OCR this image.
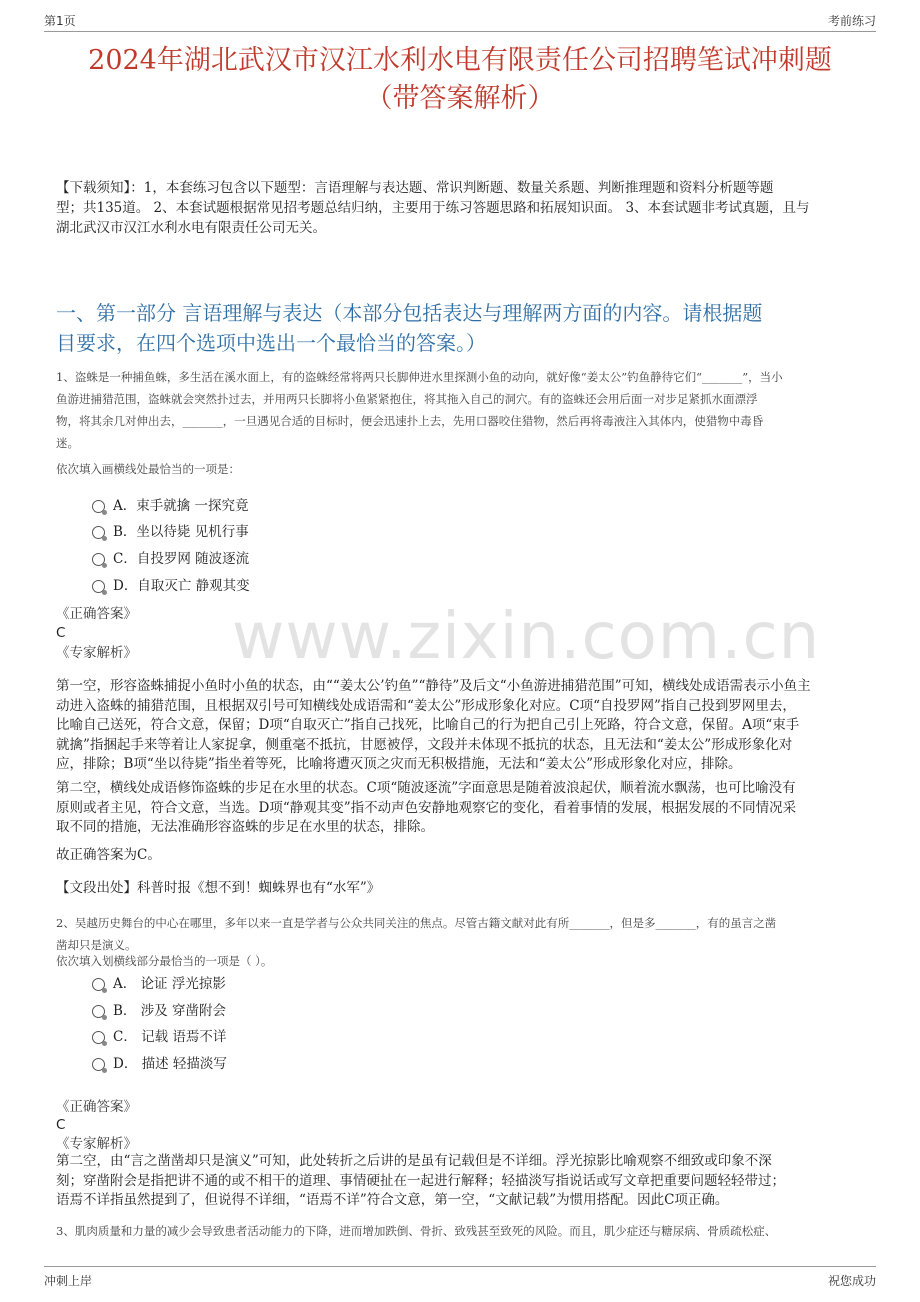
第1页	考前练习
2024年湖北武汉市汉江水利水电有限责任公司招聘笔试冲刺题
（带答案解析）
【下载须知】：1，本套练习包含以下题型：言语理解与表达题、常识判断题、数量关系题、判断推理题和资料分析题等题
型；共135道。 2、本套试题根据常见招考题总结归纳，主要用于练习答题思路和拓展知识面。 3、本套试题非考试真题，且与
湖北武汉市汉江水利水电有限责任公司无关。
一、第一部分 言语理解与表达（本部分包括表达与理解两方面的内容。请根据题
目要求，在四个选项中选出一个最恰当的答案。）
www.zixin.com.cn
1、盗蛛是一种捕鱼蛛，多生活在溪水面上，有的盗蛛经常将两只长脚伸进水里探测小鱼的动向，就好像“姜太公”钓鱼静待它们“_______”，当小
鱼游进捕猎范围，盗蛛就会突然扑过去，并用两只长脚将小鱼紧紧抱住，将其拖入自己的洞穴。有的盗蛛还会用后面一对步足紧抓水面漂浮
物，将其余几对伸出去，_______，一旦遇见合适的目标时，便会迅速扑上去，先用口器咬住猎物，然后再将毒液注入其体内，使猎物中毒昏
迷。
依次填入画横线处最恰当的一项是：
A．束手就擒 一探究竟
B．坐以待毙 见机行事
C．自投罗网 随波逐流
D．自取灭亡 静观其变
《正确答案》
C
《专家解析》
第一空，形容盗蛛捕捉小鱼时小鱼的状态，由““姜太公’钓鱼”“静待”及后文“小鱼游进捕猎范围”可知，横线处成语需表示小鱼主
动进入盗蛛的捕猎范围，且根据双引号可知横线处成语需和“姜太公”形成形象化对应。C项“自投罗网”指自己投到罗网里去，
比喻自己送死，符合文意，保留；D项“自取灭亡”指自己找死，比喻自己的行为把自己引上死路，符合文意，保留。A项“束手
就擒”指捆起手来等着让人家捉拿，侧重毫不抵抗，甘愿被俘，文段并未体现不抵抗的状态，且无法和“姜太公”形成形象化对
应，排除；B项“坐以待毙”指坐着等死，比喻将遭灭顶之灾而无积极措施，无法和“姜太公”形成形象化对应，排除。
第二空，横线处成语修饰盗蛛的步足在水里的状态。C项“随波逐流”字面意思是随着波浪起伏，顺着流水飘荡，也可比喻没有
原则或者主见，符合文意，当选。D项“静观其变”指不动声色安静地观察它的变化，看着事情的发展，根据发展的不同情况采
取不同的措施，无法准确形容盗蛛的步足在水里的状态，排除。
故正确答案为C。
【文段出处】科普时报《想不到！蜘蛛界也有“水军”》
2、吴越历史舞台的中心在哪里，多年以来一直是学者与公众共同关注的焦点。尽管古籍文献对此有所_______，但是多_______，有的虽言之凿
凿却只是演义。
依次填入划横线部分最恰当的一项是（ ）。
A． 论证 浮光掠影
B． 涉及 穿凿附会
C． 记载 语焉不详
D． 描述 轻描淡写
《正确答案》
C
《专家解析》
第二空，由“言之凿凿却只是演义”可知，此处转折之后讲的是虽有记载但是不详细。浮光掠影比喻观察不细致或印象不深
刻；穿凿附会是指把讲不通的或不相干的道理、事情硬扯在一起进行解释；轻描淡写指说话或写文章把重要问题轻轻带过；
语焉不详指虽然提到了，但说得不详细，“语焉不详”符合文意，第一空，“文献记载”为惯用搭配。因此C项正确。
3、肌肉质量和力量的减少会导致患者活动能力的下降，进而增加跌倒、骨折、致残甚至致死的风险。而且，肌少症还与糖尿病、骨质疏松症、
冲刺上岸	祝您成功
